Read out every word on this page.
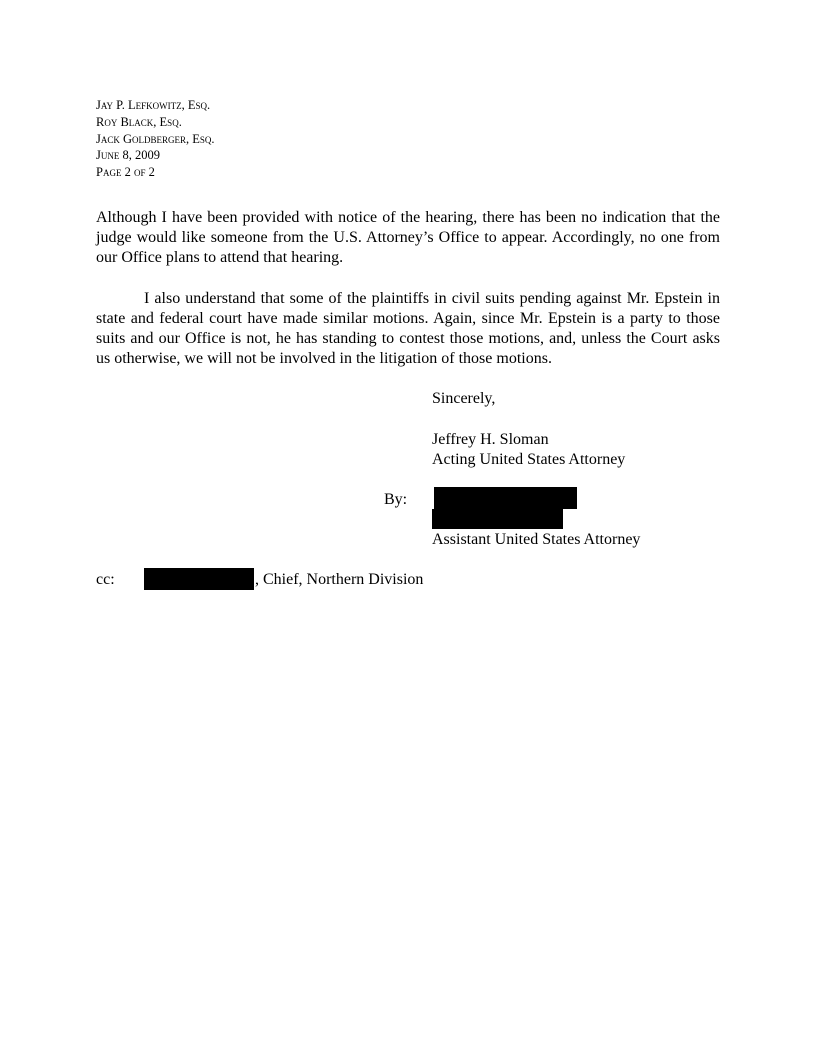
Jay P. Lefkowitz, Esq.
Roy Black, Esq.
Jack Goldberger, Esq.
June 8, 2009
Page 2 of 2
Although I have been provided with notice of the hearing, there has been no indication that the judge would like someone from the U.S. Attorney’s Office to appear. Accordingly, no one from our Office plans to attend that hearing.
I also understand that some of the plaintiffs in civil suits pending against Mr. Epstein in state and federal court have made similar motions. Again, since Mr. Epstein is a party to those suits and our Office is not, he has standing to contest those motions, and, unless the Court asks us otherwise, we will not be involved in the litigation of those motions.
Sincerely,
Jeffrey H. Sloman
Acting United States Attorney
By:
Assistant United States Attorney
cc:	, Chief, Northern Division
